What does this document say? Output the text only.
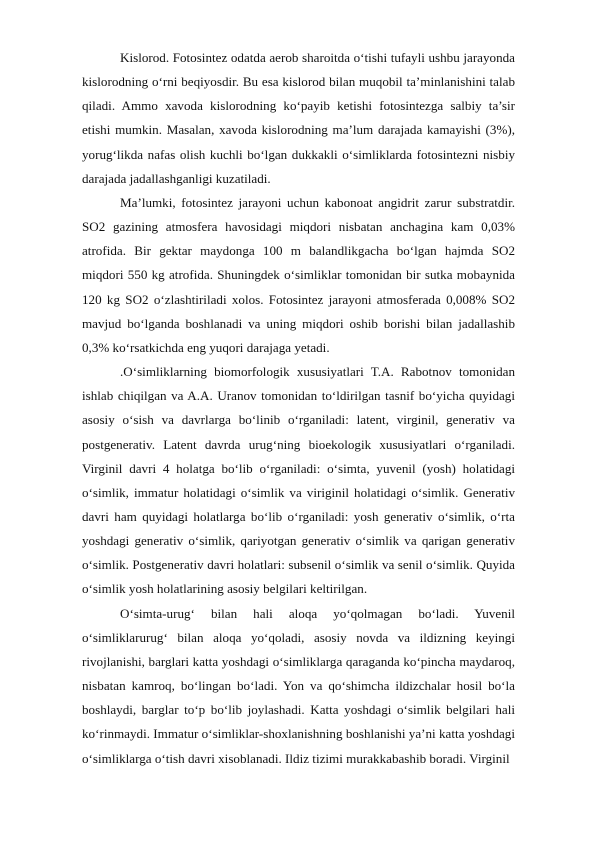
Kislorod. Fotosintez odatda aerob sharoitda o‘tishi tufayli ushbu jarayonda kislorodning o‘rni beqiyosdir. Bu esa kislorod bilan muqobil ta’minlanishini talab qiladi. Ammo xavoda kislorodning ko‘payib ketishi fotosintezga salbiy ta’sir etishi mumkin. Masalan, xavoda kislorodning ma’lum darajada kamayishi (3%), yorug‘likda nafas olish kuchli bo‘lgan dukkakli o‘simliklarda fotosintezni nisbiy darajada jadallashganligi kuzatiladi.

Ma’lumki, fotosintez jarayoni uchun kabonoat angidrit zarur substratdir. SO2 gazining atmosfera havosidagi miqdori nisbatan anchagina kam 0,03% atrofida. Bir gektar maydonga 100 m balandlikgacha bo‘lgan hajmda SO2 miqdori 550 kg atrofida. Shuningdek o‘simliklar tomonidan bir sutka mobaynida 120 kg SO2 o‘zlashtiriladi xolos. Fotosintez jarayoni atmosferada 0,008% SO2 mavjud bo‘lganda boshlanadi va uning miqdori oshib borishi bilan jadallashib 0,3% ko‘rsatkichda eng yuqori darajaga yetadi.

.O‘simliklarning biomorfologik xususiyatlari T.A. Rabotnov tomonidan ishlab chiqilgan va A.A. Uranov tomonidan to‘ldirilgan tasnif bo‘yicha quyidagi asosiy o‘sish va davrlarga bo‘linib o‘rganiladi: latent, virginil, generativ va postgenerativ. Latent davrda urug‘ning bioekologik xususiyatlari o‘rganiladi. Virginil davri 4 holatga bo‘lib o‘rganiladi: o‘simta, yuvenil (yosh) holatidagi o‘simlik, immatur holatidagi o‘simlik va viriginil holatidagi o‘simlik. Generativ davri ham quyidagi holatlarga bo‘lib o‘rganiladi: yosh generativ o‘simlik, o‘rta yoshdagi generativ o‘simlik, qariyotgan generativ o‘simlik va qarigan generativ o‘simlik. Postgenerativ davri holatlari: subsenil o‘simlik va senil o‘simlik. Quyida o‘simlik yosh holatlarining asosiy belgilari keltirilgan.

O‘simta-urug‘ bilan hali aloqa yo‘qolmagan bo‘ladi. Yuvenil o‘simliklarurug‘ bilan aloqa yo‘qoladi, asosiy novda va ildizning keyingi rivojlanishi, barglari katta yoshdagi o‘simliklarga qaraganda ko‘pincha maydaroq, nisbatan kamroq, bo‘lingan bo‘ladi. Yon va qo‘shimcha ildizchalar hosil bo‘la boshlaydi, barglar to‘p bo‘lib joylashadi. Katta yoshdagi o‘simlik belgilari hali ko‘rinmaydi. Immatur o‘simliklar-shoxlanishning boshlanishi ya’ni katta yoshdagi o‘simliklarga o‘tish davri xisoblanadi. Ildiz tizimi murakkabashib boradi. Virginil
